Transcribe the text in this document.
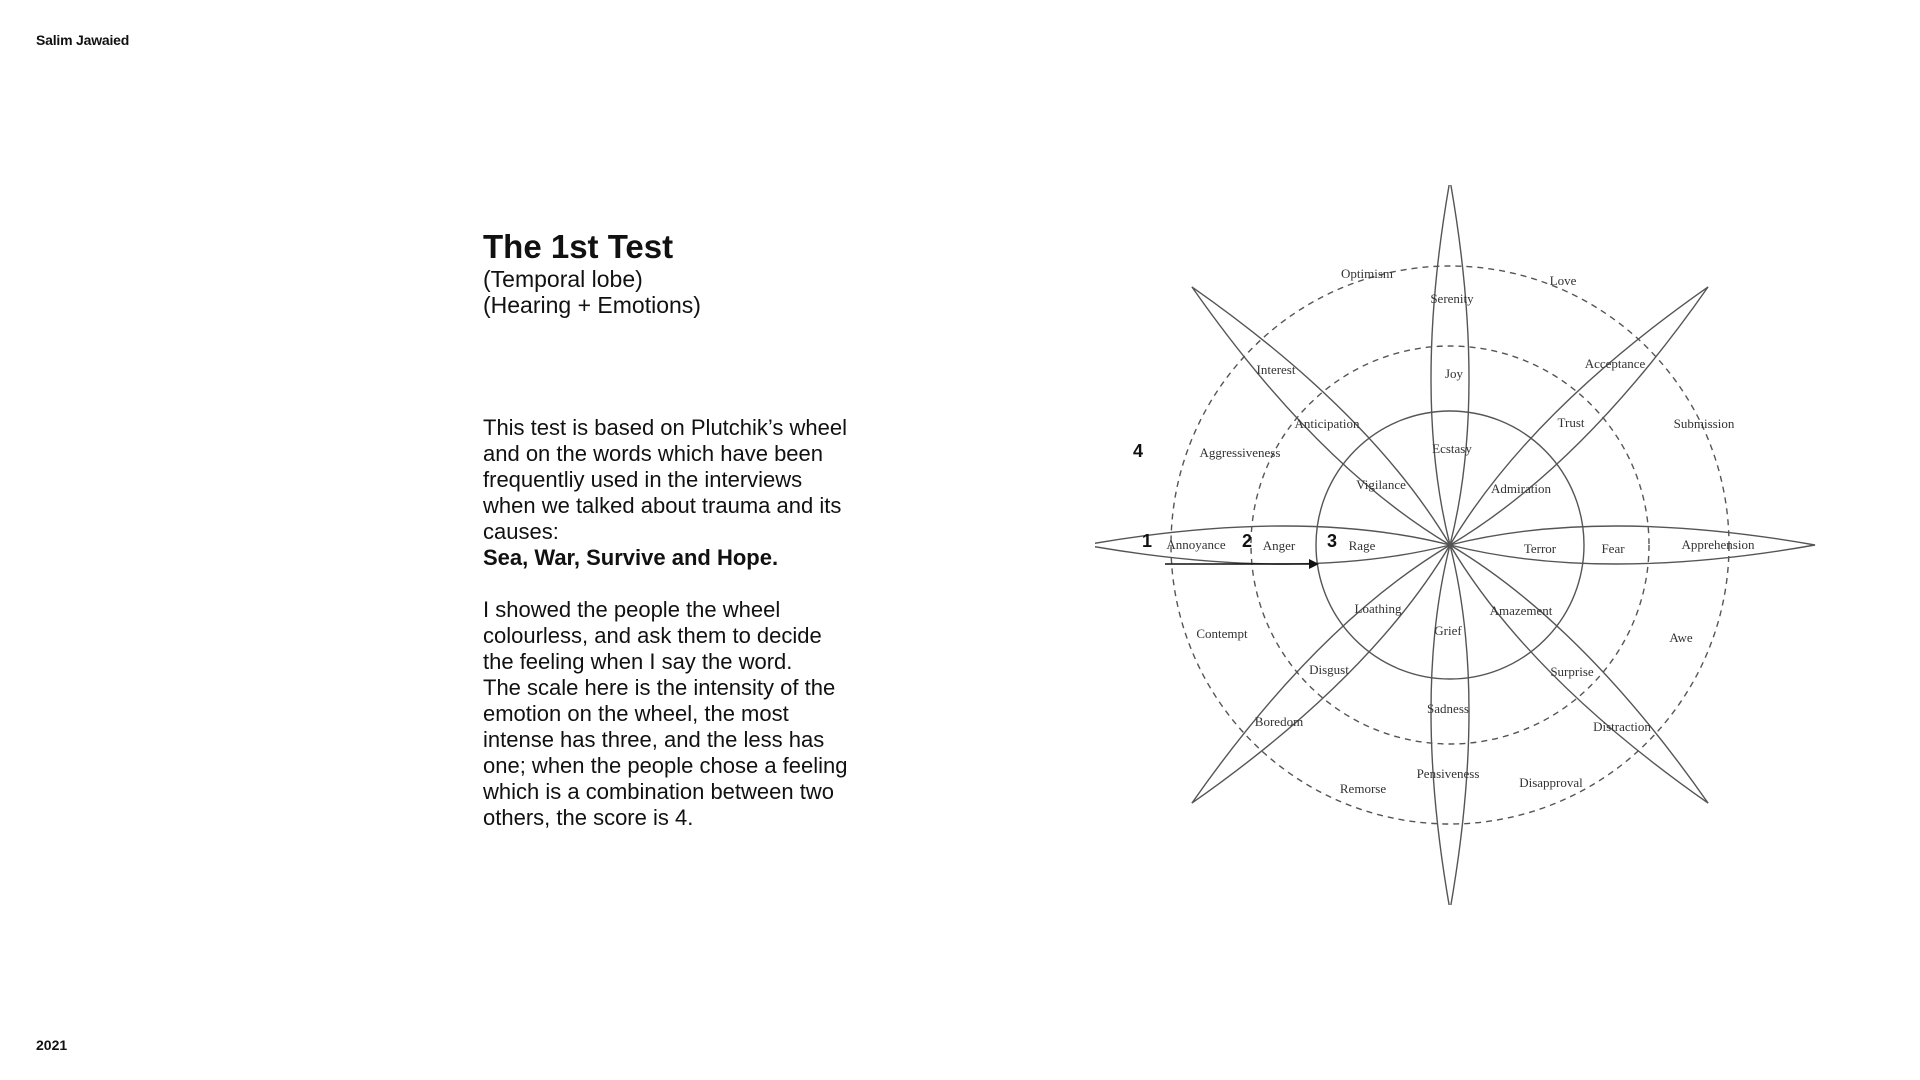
Salim Jawaied
2021
The 1st Test
(Temporal lobe)
(Hearing + Emotions)

This test is based on Plutchik’s wheel

and on the words which have been

frequentliy used in the interviews

when we talked about trauma and its

causes:

Sea, War, Survive and Hope.

I showed the people the wheel

colourless, and ask them to decide

the feeling when I say the word.

The scale here is the intensity of the

emotion on the wheel, the most

intense has three, and the less has

one; when the people chose a feeling

which is a combination between two

others, the score is 4.

Optimism	Love
Submission
Awe
Disapproval
Remorse
Contempt
Aggressiveness
Serenity
Joy
Ecstasy
Acceptance
Trust
Admiration
Apprehension
Fear
Terror
Distraction
Surprise
Amazement
Pensiveness
Sadness
Grief
Boredom
Disgust
Loathing
Annoyance	Anger	Rage
Interest
Anticipation
Vigilance
1	2	3
4
